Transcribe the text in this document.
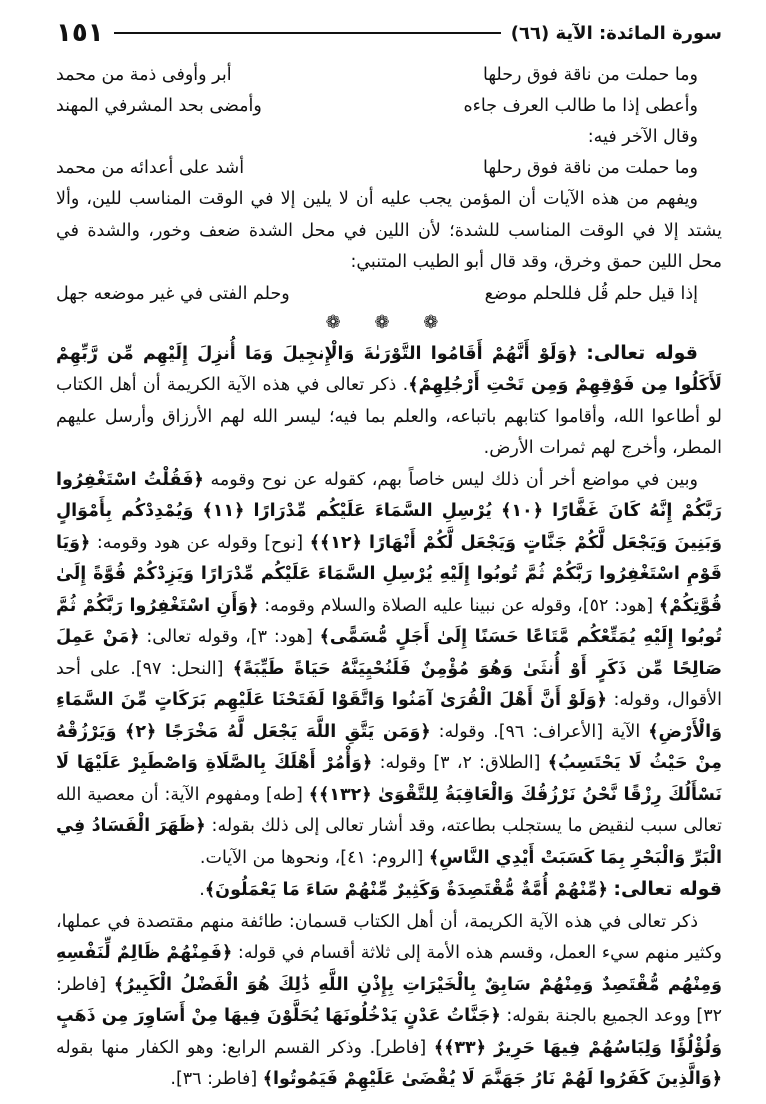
سورة المائدة: الآية (٦٦)
١٥١
وما حملت من ناقة فوق رحلها
أبر وأوفى ذمة من محمد
وأعطى إذا ما طالب العرف جاءه
وأمضى بحد المشرفي المهند

وقال الآخر فيه:

وما حملت من ناقة فوق رحلها
أشد على أعدائه من محمد

ويفهم من هذه الآيات أن المؤمن يجب عليه أن لا يلين إلا في الوقت المناسب للين، وألا يشتد إلا في الوقت المناسب للشدة؛ لأن اللين في محل الشدة ضعف وخور، والشدة في محل اللين حمق وخرق، وقد قال أبو الطيب المتنبي:

إذا قيل حلم قُل فللحلم موضع
وحلم الفتى في غير موضعه جهل
❁ ❁ ❁

قوله تعالى: ﴿وَلَوْ أَنَّهُمْ أَقَامُوا التَّوْرَىٰةَ وَالْإِنجِيلَ وَمَا أُنزِلَ إِلَيْهِم مِّن رَّبِّهِمْ لَأَكَلُوا مِن فَوْقِهِمْ وَمِن تَحْتِ أَرْجُلِهِمْ﴾. ذكر تعالى في هذه الآية الكريمة أن أهل الكتاب لو أطاعوا الله، وأقاموا كتابهم باتباعه، والعلم بما فيه؛ ليسر الله لهم الأرزاق وأرسل عليهم المطر، وأخرج لهم ثمرات الأرض.

وبين في مواضع أخر أن ذلك ليس خاصاً بهم، كقوله عن نوح وقومه ﴿فَقُلْتُ اسْتَغْفِرُوا رَبَّكُمْ إِنَّهُ كَانَ غَفَّارًا ﴿١٠﴾ يُرْسِلِ السَّمَاءَ عَلَيْكُم مِّدْرَارًا ﴿١١﴾ وَيُمْدِدْكُم بِأَمْوَالٍ وَبَنِينَ وَيَجْعَل لَّكُمْ جَنَّاتٍ وَيَجْعَل لَّكُمْ أَنْهَارًا ﴿١٢﴾﴾ [نوح] وقوله عن هود وقومه: ﴿وَيَا قَوْمِ اسْتَغْفِرُوا رَبَّكُمْ ثُمَّ تُوبُوا إِلَيْهِ يُرْسِلِ السَّمَاءَ عَلَيْكُم مِّدْرَارًا وَيَزِدْكُمْ قُوَّةً إِلَىٰ قُوَّتِكُمْ﴾ [هود: ٥٢]، وقوله عن نبينا عليه الصلاة والسلام وقومه: ﴿وَأَنِ اسْتَغْفِرُوا رَبَّكُمْ ثُمَّ تُوبُوا إِلَيْهِ يُمَتِّعْكُم مَّتَاعًا حَسَنًا إِلَىٰ أَجَلٍ مُّسَمًّى﴾ [هود: ٣]، وقوله تعالى: ﴿مَنْ عَمِلَ صَالِحًا مِّن ذَكَرٍ أَوْ أُنثَىٰ وَهُوَ مُؤْمِنٌ فَلَنُحْيِيَنَّهُ حَيَاةً طَيِّبَةً﴾ [النحل: ٩٧]. على أحد الأقوال، وقوله: ﴿وَلَوْ أَنَّ أَهْلَ الْقُرَىٰ آمَنُوا وَاتَّقَوْا لَفَتَحْنَا عَلَيْهِم بَرَكَاتٍ مِّنَ السَّمَاءِ وَالْأَرْضِ﴾ الآية [الأعراف: ٩٦]. وقوله: ﴿وَمَن يَتَّقِ اللَّهَ يَجْعَل لَّهُ مَخْرَجًا ﴿٢﴾ وَيَرْزُقْهُ مِنْ حَيْثُ لَا يَحْتَسِبُ﴾ [الطلاق: ٢، ٣] وقوله: ﴿وَأْمُرْ أَهْلَكَ بِالصَّلَاةِ وَاصْطَبِرْ عَلَيْهَا لَا نَسْأَلُكَ رِزْقًا نَّحْنُ نَرْزُقُكَ وَالْعَاقِبَةُ لِلتَّقْوَىٰ ﴿١٣٢﴾﴾ [طه] ومفهوم الآية: أن معصية الله تعالى سبب لنقيض ما يستجلب بطاعته، وقد أشار تعالى إلى ذلك بقوله: ﴿ظَهَرَ الْفَسَادُ فِي الْبَرِّ وَالْبَحْرِ بِمَا كَسَبَتْ أَيْدِي النَّاسِ﴾ [الروم: ٤١]، ونحوها من الآيات.

قوله تعالى: ﴿مِّنْهُمْ أُمَّةٌ مُّقْتَصِدَةٌ وَكَثِيرٌ مِّنْهُمْ سَاءَ مَا يَعْمَلُونَ﴾.

ذكر تعالى في هذه الآية الكريمة، أن أهل الكتاب قسمان: طائفة منهم مقتصدة في عملها، وكثير منهم سيء العمل، وقسم هذه الأمة إلى ثلاثة أقسام في قوله: ﴿فَمِنْهُمْ ظَالِمٌ لِّنَفْسِهِ وَمِنْهُم مُّقْتَصِدٌ وَمِنْهُمْ سَابِقٌ بِالْخَيْرَاتِ بِإِذْنِ اللَّهِ ذَٰلِكَ هُوَ الْفَضْلُ الْكَبِيرُ﴾ [فاطر: ٣٢] ووعد الجميع بالجنة بقوله: ﴿جَنَّاتُ عَدْنٍ يَدْخُلُونَهَا يُحَلَّوْنَ فِيهَا مِنْ أَسَاوِرَ مِن ذَهَبٍ وَلُؤْلُؤًا وَلِبَاسُهُمْ فِيهَا حَرِيرٌ ﴿٣٣﴾﴾ [فاطر]. وذكر القسم الرابع: وهو الكفار منها بقوله ﴿وَالَّذِينَ كَفَرُوا لَهُمْ نَارُ جَهَنَّمَ لَا يُقْضَىٰ عَلَيْهِمْ فَيَمُوتُوا﴾ [فاطر: ٣٦].
